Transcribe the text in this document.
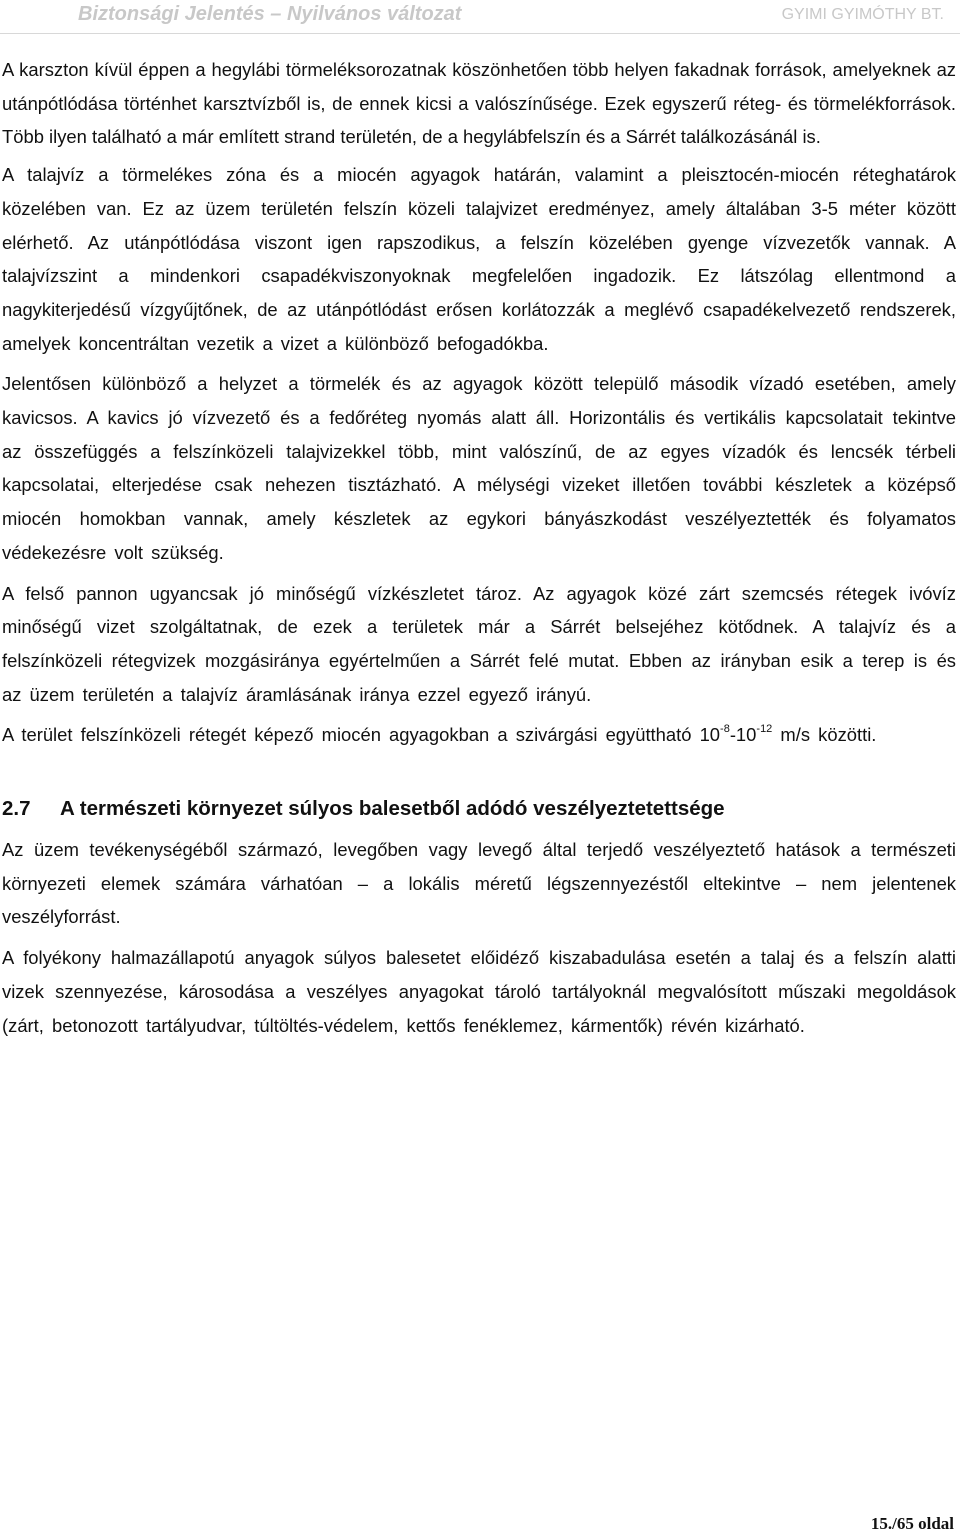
Biztonsági Jelentés – Nyilvános változat	GYIMI GYIMÓTHY BT.

A karszton kívül éppen a hegylábi törmeléksorozatnak köszönhetően több helyen fakadnak források, amelyeknek az utánpótlódása történhet karsztvízből is, de ennek kicsi a valószínűsége. Ezek egyszerű réteg- és törmelékforrások. Több ilyen található a már említett strand területén, de a hegylábfelszín és a Sárrét találkozásánál is.

A talajvíz a törmelékes zóna és a miocén agyagok határán, valamint a pleisztocén-miocén réteghatárok közelében van. Ez az üzem területén felszín közeli talajvizet eredményez, amely általában 3-5 méter között elérhető. Az utánpótlódása viszont igen rapszodikus, a felszín közelében gyenge vízvezetők vannak. A talajvízszint a mindenkori csapadékviszonyoknak megfelelően ingadozik. Ez látszólag ellentmond a nagykiterjedésű vízgyűjtőnek, de az utánpótlódást erősen korlátozzák a meglévő csapadékelvezető rendszerek, amelyek koncentráltan vezetik a vizet a különböző befogadókba.

Jelentősen különböző a helyzet a törmelék és az agyagok között települő második vízadó esetében, amely kavicsos. A kavics jó vízvezető és a fedőréteg nyomás alatt áll. Horizontális és vertikális kapcsolatait tekintve az összefüggés a felszínközeli talajvizekkel több, mint valószínű, de az egyes vízadók és lencsék térbeli kapcsolatai, elterjedése csak nehezen tisztázható. A mélységi vizeket illetően további készletek a középső miocén homokban vannak, amely készletek az egykori bányászkodást veszélyeztették és folyamatos védekezésre volt szükség.

A felső pannon ugyancsak jó minőségű vízkészletet tároz. Az agyagok közé zárt szemcsés rétegek ivóvíz minőségű vizet szolgáltatnak, de ezek a területek már a Sárrét belsejéhez kötődnek. A talajvíz és a felszínközeli rétegvizek mozgásiránya egyértelműen a Sárrét felé mutat. Ebben az irányban esik a terep is és az üzem területén a talajvíz áramlásának iránya ezzel egyező irányú.

A terület felszínközeli rétegét képező miocén agyagokban a szivárgási együttható $10^{-8}-10^{-12}$ m/s közötti.

2.7 A természeti környezet súlyos balesetből adódó veszélyeztetettsége

Az üzem tevékenységéből származó, levegőben vagy levegő által terjedő veszélyeztető hatások a természeti környezeti elemek számára várhatóan – a lokális méretű légszennyezéstől eltekintve – nem jelentenek veszélyforrást.

A folyékony halmazállapotú anyagok súlyos balesetet előidéző kiszabadulása esetén a talaj és a felszín alatti vizek szennyezése, károsodása a veszélyes anyagokat tároló tartályoknál megvalósított műszaki megoldások (zárt, betonozott tartályudvar, túltöltés-védelem, kettős fenéklemez, kármentők) révén kizárható.

15./65 oldal
